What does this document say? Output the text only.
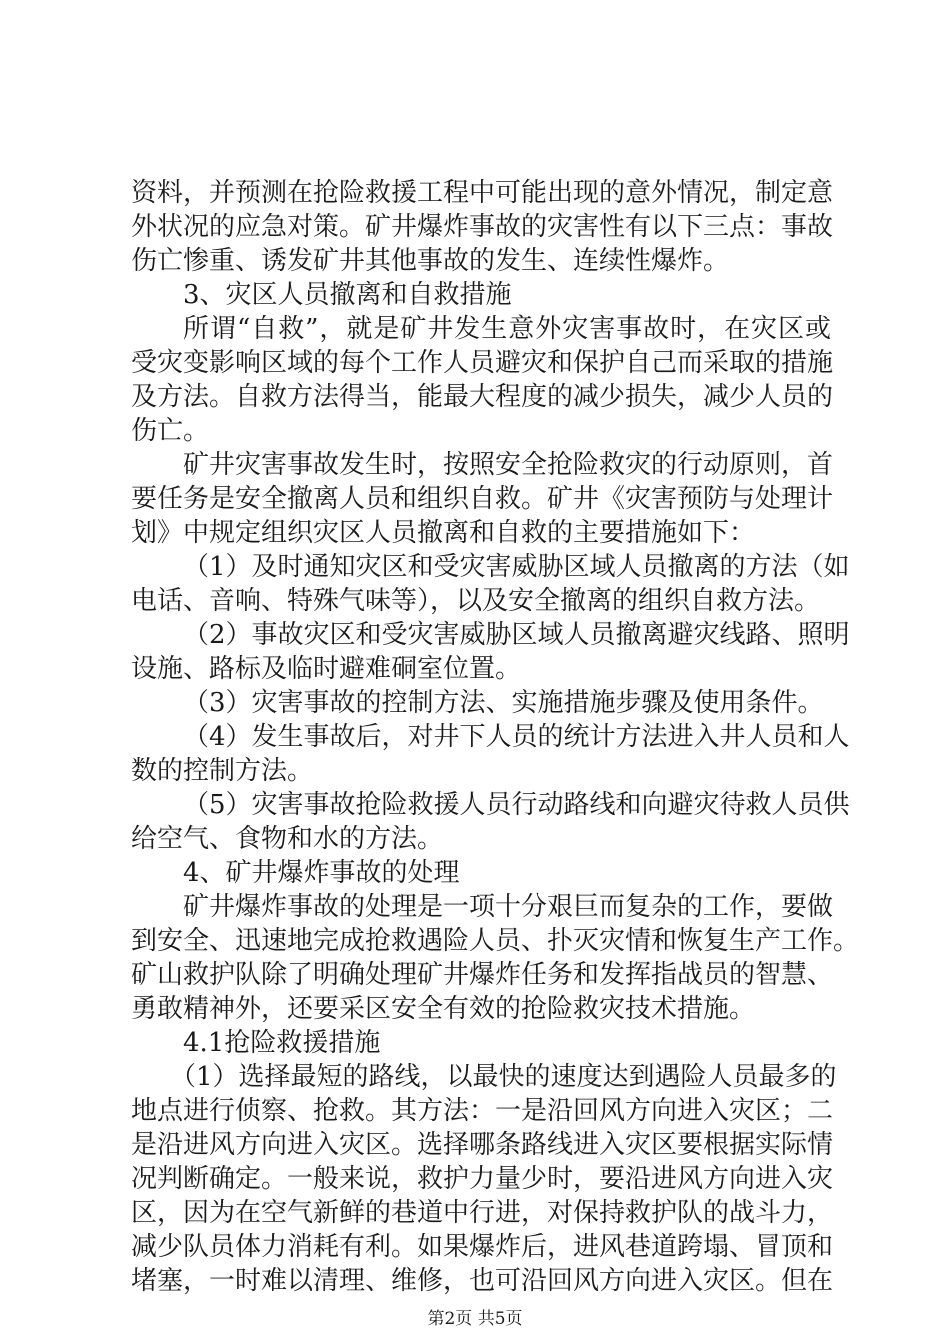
资料，并预测在抢险救援工程中可能出现的意外情况，制定意
外状况的应急对策。矿井爆炸事故的灾害性有以下三点：事故
伤亡惨重、诱发矿井其他事故的发生、连续性爆炸。
3、灾区人员撤离和自救措施
所谓“自救”，就是矿井发生意外灾害事故时，在灾区或
受灾变影响区域的每个工作人员避灾和保护自己而采取的措施
及方法。自救方法得当，能最大程度的减少损失，减少人员的
伤亡。
矿井灾害事故发生时，按照安全抢险救灾的行动原则，首
要任务是安全撤离人员和组织自救。矿井《灾害预防与处理计
划》中规定组织灾区人员撤离和自救的主要措施如下：
（1）及时通知灾区和受灾害威胁区域人员撤离的方法（如
电话、音响、特殊气味等），以及安全撤离的组织自救方法。
（2）事故灾区和受灾害威胁区域人员撤离避灾线路、照明
设施、路标及临时避难硐室位置。
（3）灾害事故的控制方法、实施措施步骤及使用条件。
（4）发生事故后，对井下人员的统计方法进入井人员和人
数的控制方法。
（5）灾害事故抢险救援人员行动路线和向避灾待救人员供
给空气、食物和水的方法。
4、矿井爆炸事故的处理
矿井爆炸事故的处理是一项十分艰巨而复杂的工作，要做
到安全、迅速地完成抢救遇险人员、扑灭灾情和恢复生产工作。
矿山救护队除了明确处理矿井爆炸任务和发挥指战员的智慧、
勇敢精神外，还要采区安全有效的抢险救灾技术措施。
4.1抢险救援措施
（1）选择最短的路线，以最快的速度达到遇险人员最多的
地点进行侦察、抢救。其方法：一是沿回风方向进入灾区；二
是沿进风方向进入灾区。选择哪条路线进入灾区要根据实际情
况判断确定。一般来说，救护力量少时，要沿进风方向进入灾
区，因为在空气新鲜的巷道中行进，对保持救护队的战斗力，
减少队员体力消耗有利。如果爆炸后，进风巷道跨塌、冒顶和
堵塞，一时难以清理、维修，也可沿回风方向进入灾区。但在
第2页 共5页
